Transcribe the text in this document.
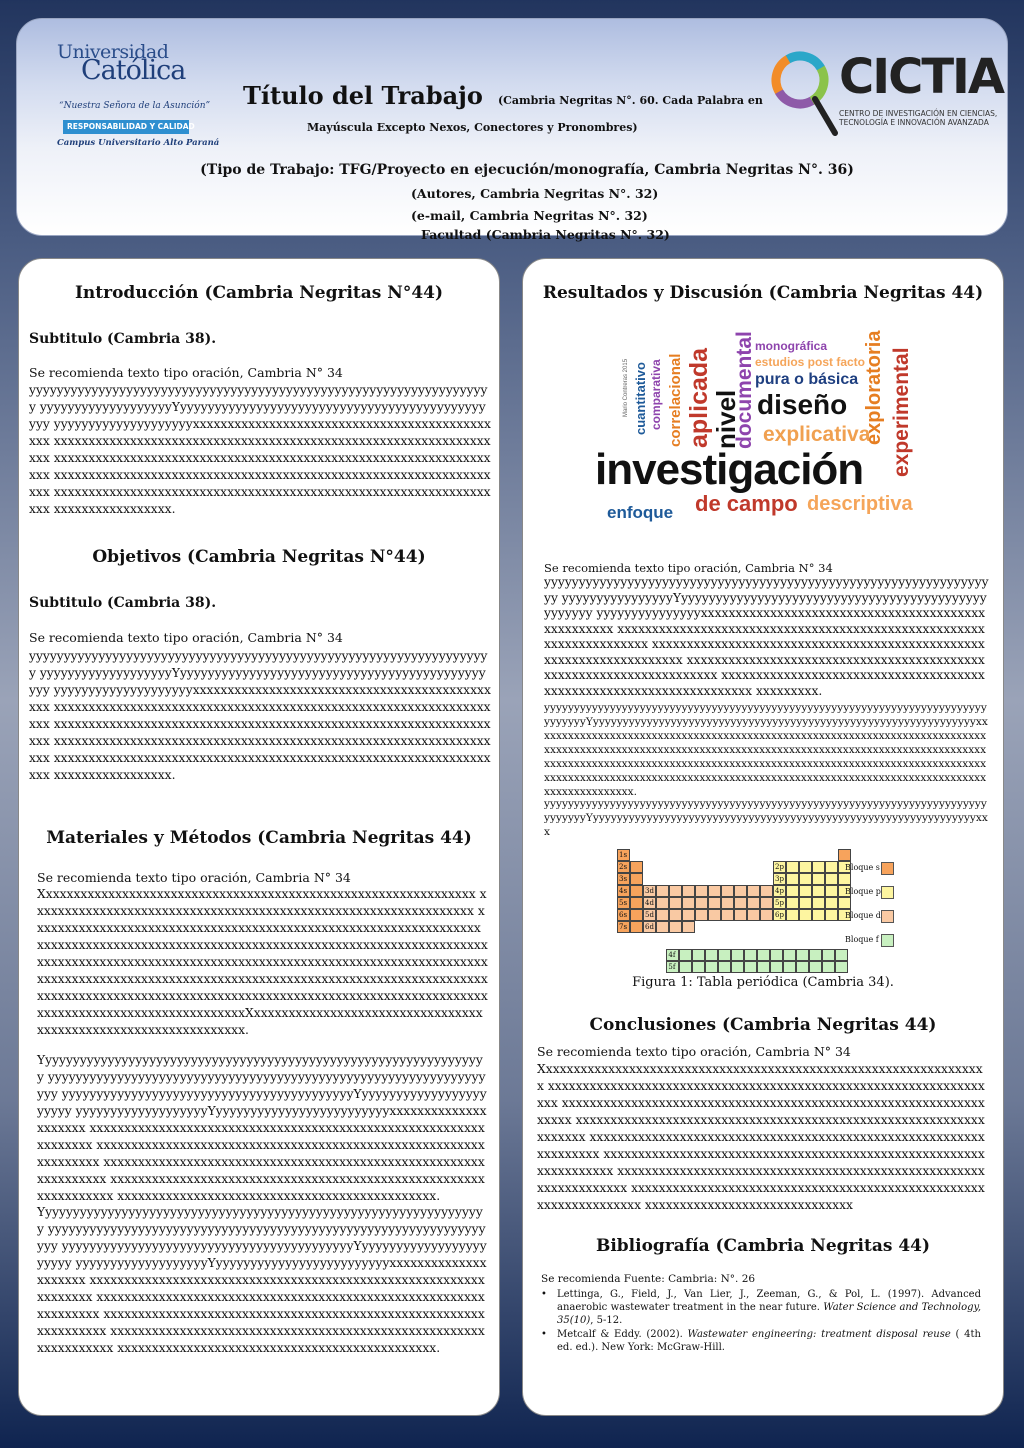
Universidad
Católica
“Nuestra Señora de la Asunción”
RESPONSABILIDAD Y CALIDAD
Campus Universitario Alto Paraná
Título del Trabajo (Cambria Negritas N°. 60. Cada Palabra en
Mayúscula Excepto Nexos, Conectores y Pronombres)
(Tipo de Trabajo: TFG/Proyecto en ejecución/monografía, Cambria Negritas N°. 36)
(Autores, Cambria Negritas N°. 32)
(e-mail, Cambria Negritas N°. 32)
Facultad (Cambria Negritas N°. 32)
CICTIA
CENTRO DE INVESTIGACIÓN EN CIENCIAS,
TECNOLOGÍA E INNOVACIÓN AVANZADA
Introducción (Cambria Negritas N°44)
Subtitulo (Cambria 38).
Se recomienda texto tipo oración, Cambria N° 34
yyyyyyyyyyyyyyyyyyyyyyyyyyyyyyyyyyyyyyyyyyyyyyyyyyyyyyyyyyyyyyyyyyy yyyyyyyyyyyyyyyyyyyYyyyyyyyyyyyyyyyyyyyyyyyyyyyyyyyyyyyyyyyyyyyyyyy yyyyyyyyyyyyyyyyyyyyxxxxxxxxxxxxxxxxxxxxxxxxxxxxxxxxxxxxxxxxxxxxxx xxxxxxxxxxxxxxxxxxxxxxxxxxxxxxxxxxxxxxxxxxxxxxxxxxxxxxxxxxxxxxxxxx xxxxxxxxxxxxxxxxxxxxxxxxxxxxxxxxxxxxxxxxxxxxxxxxxxxxxxxxxxxxxxxxxx xxxxxxxxxxxxxxxxxxxxxxxxxxxxxxxxxxxxxxxxxxxxxxxxxxxxxxxxxxxxxxxxxx xxxxxxxxxxxxxxxxxxxxxxxxxxxxxxxxxxxxxxxxxxxxxxxxxxxxxxxxxxxxxxxxxx xxxxxxxxxxxxxxxxx.
Objetivos (Cambria Negritas N°44)
Subtitulo (Cambria 38).
Se recomienda texto tipo oración, Cambria N° 34
yyyyyyyyyyyyyyyyyyyyyyyyyyyyyyyyyyyyyyyyyyyyyyyyyyyyyyyyyyyyyyyyyyy yyyyyyyyyyyyyyyyyyyYyyyyyyyyyyyyyyyyyyyyyyyyyyyyyyyyyyyyyyyyyyyyyyy yyyyyyyyyyyyyyyyyyyyxxxxxxxxxxxxxxxxxxxxxxxxxxxxxxxxxxxxxxxxxxxxxx xxxxxxxxxxxxxxxxxxxxxxxxxxxxxxxxxxxxxxxxxxxxxxxxxxxxxxxxxxxxxxxxxx xxxxxxxxxxxxxxxxxxxxxxxxxxxxxxxxxxxxxxxxxxxxxxxxxxxxxxxxxxxxxxxxxx xxxxxxxxxxxxxxxxxxxxxxxxxxxxxxxxxxxxxxxxxxxxxxxxxxxxxxxxxxxxxxxxxx xxxxxxxxxxxxxxxxxxxxxxxxxxxxxxxxxxxxxxxxxxxxxxxxxxxxxxxxxxxxxxxxxx xxxxxxxxxxxxxxxxx.
Materiales y Métodos (Cambria Negritas 44)
Se recomienda texto tipo oración, Cambria N° 34
Xxxxxxxxxxxxxxxxxxxxxxxxxxxxxxxxxxxxxxxxxxxxxxxxxxxxxxxxxxxxxxx xxxxxxxxxxxxxxxxxxxxxxxxxxxxxxxxxxxxxxxxxxxxxxxxxxxxxxxxxxxxxxxx xxxxxxxxxxxxxxxxxxxxxxxxxxxxxxxxxxxxxxxxxxxxxxxxxxxxxxxxxxxxxxxxx xxxxxxxxxxxxxxxxxxxxxxxxxxxxxxxxxxxxxxxxxxxxxxxxxxxxxxxxxxxxxxxxx xxxxxxxxxxxxxxxxxxxxxxxxxxxxxxxxxxxxxxxxxxxxxxxxxxxxxxxxxxxxxxxxx xxxxxxxxxxxxxxxxxxxxxxxxxxxxxxxxxxxxxxxxxxxxxxxxxxxxxxxxxxxxxxxxx xxxxxxxxxxxxxxxxxxxxxxxxxxxxxxxxxxxxxxxxxxxxxxxxxxxxxxxxxxxxxxxxx xxxxxxxxxxxxxxxxxxxxxxxxxxxxxxXxxxxxxxxxxxxxxxxxxxxxxxxxxxxxxxxx xxxxxxxxxxxxxxxxxxxxxxxxxxxxxx.
Yyyyyyyyyyyyyyyyyyyyyyyyyyyyyyyyyyyyyyyyyyyyyyyyyyyyyyyyyyyyyyyyy yyyyyyyyyyyyyyyyyyyyyyyyyyyyyyyyyyyyyyyyyyyyyyyyyyyyyyyyyyyyyyyyyy yyyyyyyyyyyyyyyyyyyyyyyyyyyyyyyyyyyyyyyyyyYyyyyyyyyyyyyyyyyyyyyyyy yyyyyyyyyyyyyyyyyyyYyyyyyyyyyyyyyyyyyyyyyyyyyxxxxxxxxxxxxxxxxxxxxx xxxxxxxxxxxxxxxxxxxxxxxxxxxxxxxxxxxxxxxxxxxxxxxxxxxxxxxxxxxxxxxxx xxxxxxxxxxxxxxxxxxxxxxxxxxxxxxxxxxxxxxxxxxxxxxxxxxxxxxxxxxxxxxxxx xxxxxxxxxxxxxxxxxxxxxxxxxxxxxxxxxxxxxxxxxxxxxxxxxxxxxxxxxxxxxxxxx xxxxxxxxxxxxxxxxxxxxxxxxxxxxxxxxxxxxxxxxxxxxxxxxxxxxxxxxxxxxxxxxx xxxxxxxxxxxxxxxxxxxxxxxxxxxxxxxxxxxxxxxxxxxxxx.
Yyyyyyyyyyyyyyyyyyyyyyyyyyyyyyyyyyyyyyyyyyyyyyyyyyyyyyyyyyyyyyyyy yyyyyyyyyyyyyyyyyyyyyyyyyyyyyyyyyyyyyyyyyyyyyyyyyyyyyyyyyyyyyyyyyy yyyyyyyyyyyyyyyyyyyyyyyyyyyyyyyyyyyyyyyyyyYyyyyyyyyyyyyyyyyyyyyyyy yyyyyyyyyyyyyyyyyyyYyyyyyyyyyyyyyyyyyyyyyyyyyxxxxxxxxxxxxxxxxxxxxx xxxxxxxxxxxxxxxxxxxxxxxxxxxxxxxxxxxxxxxxxxxxxxxxxxxxxxxxxxxxxxxxx xxxxxxxxxxxxxxxxxxxxxxxxxxxxxxxxxxxxxxxxxxxxxxxxxxxxxxxxxxxxxxxxx xxxxxxxxxxxxxxxxxxxxxxxxxxxxxxxxxxxxxxxxxxxxxxxxxxxxxxxxxxxxxxxxx xxxxxxxxxxxxxxxxxxxxxxxxxxxxxxxxxxxxxxxxxxxxxxxxxxxxxxxxxxxxxxxxx xxxxxxxxxxxxxxxxxxxxxxxxxxxxxxxxxxxxxxxxxxxxxx.
Resultados y Discusión (Cambria Negritas 44)
Mario Contreras 2015 cuantitativo comparativa
enfoque
correlacional aplicada
nivel
documental monográfica
estudios post facto
pura o básica
diseño
explicativa
exploratoria experimental
investigación
de campo descriptiva
Se recomienda texto tipo oración, Cambria N° 34
yyyyyyyyyyyyyyyyyyyyyyyyyyyyyyyyyyyyyyyyyyyyyyyyyyyyyyyyyyyyyyyyyy yyyyyyyyyyyyyyyyYyyyyyyyyyyyyyyyyyyyyyyyyyyyyyyyyyyyyyyyyyyyyyyyyyyy yyyyyyyyyyyyyyyxxxxxxxxxxxxxxxxxxxxxxxxxxxxxxxxxxxxxxxxxxxxxxxxxxx xxxxxxxxxxxxxxxxxxxxxxxxxxxxxxxxxxxxxxxxxxxxxxxxxxxxxxxxxxxxxxxxxxxx xxxxxxxxxxxxxxxxxxxxxxxxxxxxxxxxxxxxxxxxxxxxxxxxxxxxxxxxxxxxxxxxxxxx xxxxxxxxxxxxxxxxxxxxxxxxxxxxxxxxxxxxxxxxxxxxxxxxxxxxxxxxxxxxxxxxxxxx xxxxxxxxxxxxxxxxxxxxxxxxxxxxxxxxxxxxxxxxxxxxxxxxxxxxxxxxxxxxxxxxxxxx xxxxxxxxx.
yyyyyyyyyyyyyyyyyyyyyyyyyyyyyyyyyyyyyyyyyyyyyyyyyyyyyyyyyyyyyyyyyyyyyyyyyy yyyyyyyYyyyyyyyyyyyyyyyyyyyyyyyyyyyyyyyyyyyyyyyyyyyyyyyyyyyyyyyyyyyyyyyyxx xxxxxxxxxxxxxxxxxxxxxxxxxxxxxxxxxxxxxxxxxxxxxxxxxxxxxxxxxxxxxxxxxxxxxxxxxx xxxxxxxxxxxxxxxxxxxxxxxxxxxxxxxxxxxxxxxxxxxxxxxxxxxxxxxxxxxxxxxxxxxxxxxxxx xxxxxxxxxxxxxxxxxxxxxxxxxxxxxxxxxxxxxxxxxxxxxxxxxxxxxxxxxxxxxxxxxxxxxxxxxx xxxxxxxxxxxxxxxxxxxxxxxxxxxxxxxxxxxxxxxxxxxxxxxxxxxxxxxxxxxxxxxxxxxxxxxxxx xxxxxxxxxxxxxxx.
yyyyyyyyyyyyyyyyyyyyyyyyyyyyyyyyyyyyyyyyyyyyyyyyyyyyyyyyyyyyyyyyyyyyyyyyyy yyyyyyyYyyyyyyyyyyyyyyyyyyyyyyyyyyyyyyyyyyyyyyyyyyyyyyyyyyyyyyyyyyyyyyyyxx x
1s
2s
3s
4s
5s
6s
7s
3d
4d
5d
6d
2p
3p
4p
5p
6p
4f
5f
Bloque s
Bloque p
Bloque d
Bloque f
Figura 1: Tabla periódica (Cambria 34).
Conclusiones (Cambria Negritas 44)
Se recomienda texto tipo oración, Cambria N° 34
Xxxxxxxxxxxxxxxxxxxxxxxxxxxxxxxxxxxxxxxxxxxxxxxxxxxxxxxxxxxxxxxxx xxxxxxxxxxxxxxxxxxxxxxxxxxxxxxxxxxxxxxxxxxxxxxxxxxxxxxxxxxxxxxxxxx xxxxxxxxxxxxxxxxxxxxxxxxxxxxxxxxxxxxxxxxxxxxxxxxxxxxxxxxxxxxxxxxxx xxxxxxxxxxxxxxxxxxxxxxxxxxxxxxxxxxxxxxxxxxxxxxxxxxxxxxxxxxxxxxxxxx xxxxxxxxxxxxxxxxxxxxxxxxxxxxxxxxxxxxxxxxxxxxxxxxxxxxxxxxxxxxxxxxxx xxxxxxxxxxxxxxxxxxxxxxxxxxxxxxxxxxxxxxxxxxxxxxxxxxxxxxxxxxxxxxxxxx xxxxxxxxxxxxxxxxxxxxxxxxxxxxxxxxxxxxxxxxxxxxxxxxxxxxxxxxxxxxxxxxxx xxxxxxxxxxxxxxxxxxxxxxxxxxxxxxxxxxxxxxxxxxxxxxxxxxxxxxxxxxxxxxxxxx xxxxxxxxxxxxxxxxxxxxxxxxxxxxxx
Bibliografía (Cambria Negritas 44)
Se recomienda Fuente: Cambria: N°. 26
• Lettinga, G., Field, J., Van Lier, J., Zeeman, G., & Pol, L. (1997). Advanced anaerobic wastewater treatment in the near future. Water Science and Technology, 35(10), 5-12.
• Metcalf & Eddy. (2002). Wastewater engineering: treatment disposal reuse ( 4th ed. ed.). New York: McGraw-Hill.
